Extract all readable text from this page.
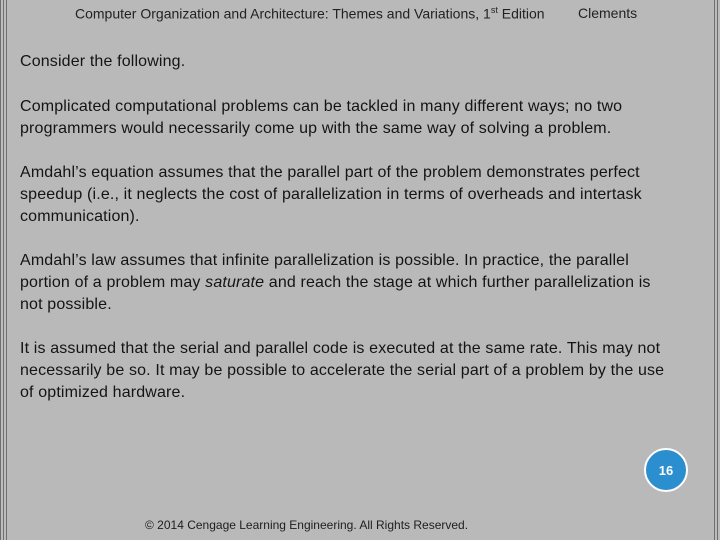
Computer Organization and Architecture: Themes and Variations, 1st Edition Clements

Consider the following.

Complicated computational problems can be tackled in many different ways; no two programmers would necessarily come up with the same way of solving a problem.

Amdahl’s equation assumes that the parallel part of the problem demonstrates perfect speedup (i.e., it neglects the cost of parallelization in terms of overheads and intertask communication).

Amdahl’s law assumes that infinite parallelization is possible. In practice, the parallel portion of a problem may saturate and reach the stage at which further parallelization is not possible.

It is assumed that the serial and parallel code is executed at the same rate. This may not necessarily be so. It may be possible to accelerate the serial part of a problem by the use of optimized hardware.

16
© 2014 Cengage Learning Engineering. All Rights Reserved.
